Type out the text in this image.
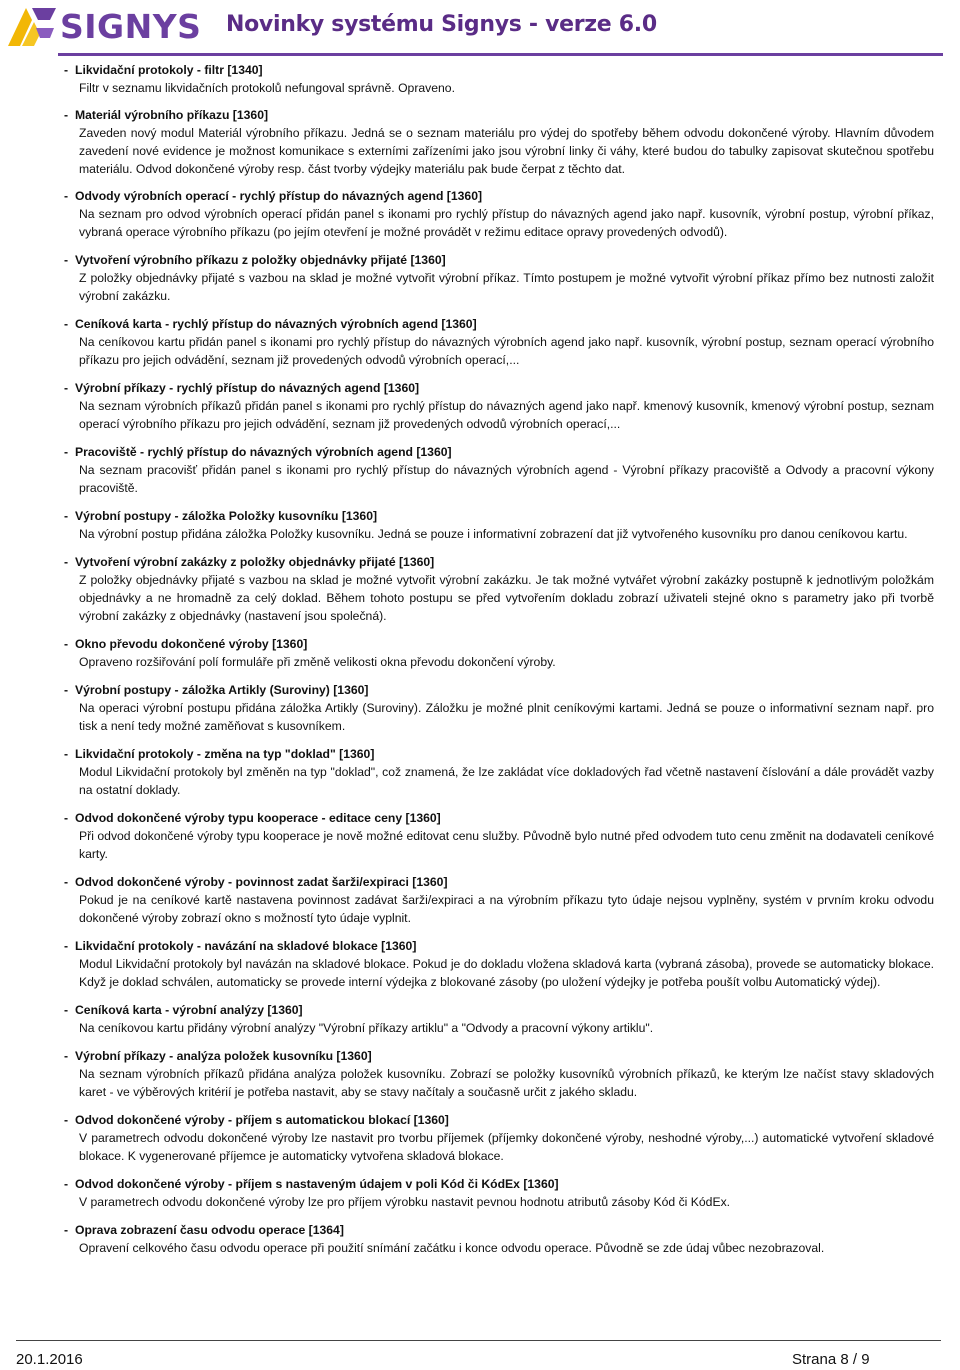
SIGNYS Novinky systému Signys - verze 6.0
- Likvidační protokoly - filtr [1340]
Filtr v seznamu likvidačních protokolů nefungoval správně. Opraveno.
- Materiál výrobního příkazu [1360]
Zaveden nový modul Materiál výrobního příkazu. Jedná se o seznam materiálu pro výdej do spotřeby během odvodu dokončené výroby. Hlavním důvodem zavedení nové evidence je možnost komunikace s externími zařízeními jako jsou výrobní linky či váhy, které budou do tabulky zapisovat skutečnou spotřebu materiálu. Odvod dokončené výroby resp. část tvorby výdejky materiálu pak bude čerpat z těchto dat.
- Odvody výrobních operací - rychlý přístup do návazných agend [1360]
Na seznam pro odvod výrobních operací přidán panel s ikonami pro rychlý přístup do návazných agend jako např. kusovník, výrobní postup, výrobní příkaz, vybraná operace výrobního příkazu (po jejím otevření je možné provádět v režimu editace opravy provedených odvodů).
- Vytvoření výrobního příkazu z položky objednávky přijaté [1360]
Z položky objednávky přijaté s vazbou na sklad je možné vytvořit výrobní příkaz. Tímto postupem je možné vytvořit výrobní příkaz přímo bez nutnosti založit výrobní zakázku.
- Ceníková karta - rychlý přístup do návazných výrobních agend [1360]
Na ceníkovou kartu přidán panel s ikonami pro rychlý přístup do návazných výrobních agend jako např. kusovník, výrobní postup, seznam operací výrobního příkazu pro jejich odvádění, seznam již provedených odvodů výrobních operací,...
- Výrobní příkazy - rychlý přístup do návazných agend [1360]
Na seznam výrobních příkazů přidán panel s ikonami pro rychlý přístup do návazných agend jako např. kmenový kusovník, kmenový výrobní postup, seznam operací výrobního příkazu pro jejich odvádění, seznam již provedených odvodů výrobních operací,...
- Pracoviště - rychlý přístup do návazných výrobních agend [1360]
Na seznam pracovišť přidán panel s ikonami pro rychlý přístup do návazných výrobních agend - Výrobní příkazy pracoviště a Odvody a pracovní výkony pracoviště.
- Výrobní postupy - záložka Položky kusovníku [1360]
Na výrobní postup přidána záložka Položky kusovníku. Jedná se pouze i informativní zobrazení dat již vytvořeného kusovníku pro danou ceníkovou kartu.
- Vytvoření výrobní zakázky z položky objednávky přijaté [1360]
Z položky objednávky přijaté s vazbou na sklad je možné vytvořit výrobní zakázku. Je tak možné vytvářet výrobní zakázky postupně k jednotlivým položkám objednávky a ne hromadně za celý doklad. Během tohoto postupu se před vytvořením dokladu zobrazí uživateli stejné okno s parametry jako při tvorbě výrobní zakázky z objednávky (nastavení jsou společná).
- Okno převodu dokončené výroby [1360]
Opraveno rozšiřování polí formuláře při změně velikosti okna převodu dokončení výroby.
- Výrobní postupy - záložka Artikly (Suroviny) [1360]
Na operaci výrobní postupu přidána záložka Artikly (Suroviny). Záložku je možné plnit ceníkovými kartami. Jedná se pouze o informativní seznam např. pro tisk a není tedy možné zaměňovat s kusovníkem.
- Likvidační protokoly - změna na typ "doklad" [1360]
Modul Likvidační protokoly byl změněn na typ "doklad", což znamená, že lze zakládat více dokladových řad včetně nastavení číslování a dále provádět vazby na ostatní doklady.
- Odvod dokončené výroby typu kooperace - editace ceny [1360]
Při odvod dokončené výroby typu kooperace je nově možné editovat cenu služby. Původně bylo nutné před odvodem tuto cenu změnit na dodavateli ceníkové karty.
- Odvod dokončené výroby - povinnost zadat šarži/expiraci [1360]
Pokud je na ceníkové kartě nastavena povinnost zadávat šarži/expiraci a na výrobním příkazu tyto údaje nejsou vyplněny, systém v prvním kroku odvodu dokončené výroby zobrazí okno s možností tyto údaje vyplnit.
- Likvidační protokoly - navázání na skladové blokace [1360]
Modul Likvidační protokoly byl navázán na skladové blokace. Pokud je do dokladu vložena skladová karta (vybraná zásoba), provede se automaticky blokace. Když je doklad schválen, automaticky se provede interní výdejka z blokované zásoby (po uložení výdejky je potřeba poušít volbu Automatický výdej).
- Ceníková karta - výrobní analýzy [1360]
Na ceníkovou kartu přidány výrobní analýzy "Výrobní příkazy artiklu" a "Odvody a pracovní výkony artiklu".
- Výrobní příkazy - analýza položek kusovníku [1360]
Na seznam výrobních příkazů přidána analýza položek kusovníku. Zobrazí se položky kusovníků výrobních příkazů, ke kterým lze načíst stavy skladových karet - ve výběrových kritérií je potřeba nastavit, aby se stavy načítaly a současně určit z jakého skladu.
- Odvod dokončené výroby - příjem s automatickou blokací [1360]
V parametrech odvodu dokončené výroby lze nastavit pro tvorbu příjemek (příjemky dokončené výroby, neshodné výroby,...) automatické vytvoření skladové blokace. K vygenerované příjemce je automaticky vytvořena skladová blokace.
- Odvod dokončené výroby - příjem s nastaveným údajem v poli Kód či KódEx [1360]
V parametrech odvodu dokončené výroby lze pro příjem výrobku nastavit pevnou hodnotu atributů zásoby Kód či KódEx.
- Oprava zobrazení času odvodu operace [1364]
Opravení celkového času odvodu operace při použití snímání začátku i konce odvodu operace. Původně se zde údaj vůbec nezobrazoval.
20.1.2016	Strana 8 / 9
